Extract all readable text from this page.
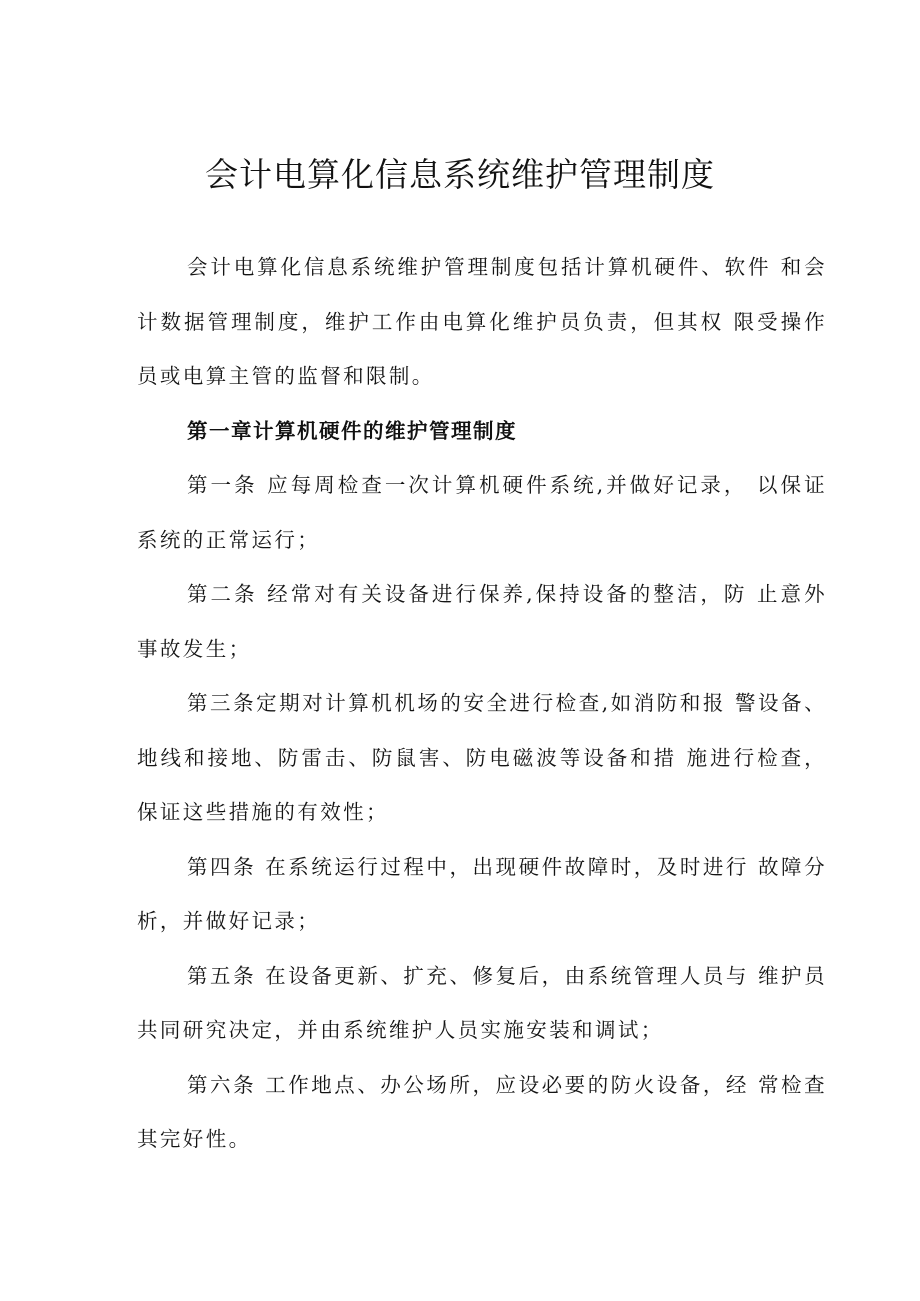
会计电算化信息系统维护管理制度

会计电算化信息系统维护管理制度包括计算机硬件、软件 和会计数据管理制度，维护工作由电算化维护员负责，但其权 限受操作员或电算主管的监督和限制。

第一章计算机硬件的维护管理制度

第一条 应每周检查一次计算机硬件系统,并做好记录， 以保证系统的正常运行；

第二条 经常对有关设备进行保养,保持设备的整洁，防 止意外事故发生；

第三条定期对计算机机场的安全进行检查,如消防和报 警设备、地线和接地、防雷击、防鼠害、防电磁波等设备和措 施进行检查，保证这些措施的有效性；

第四条 在系统运行过程中，出现硬件故障时，及时进行 故障分析，并做好记录；

第五条 在设备更新、扩充、修复后，由系统管理人员与 维护员共同研究决定，并由系统维护人员实施安装和调试；

第六条 工作地点、办公场所，应设必要的防火设备，经 常检查其完好性。
